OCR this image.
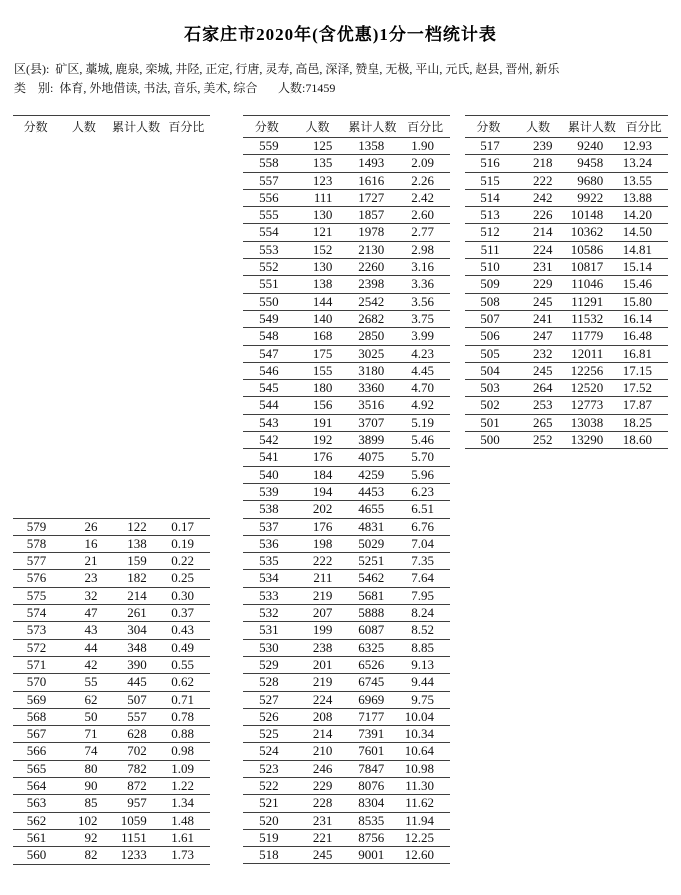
石家庄市2020年(含优惠)1分一档统计表
区(县): 矿区, 藁城, 鹿泉, 栾城, 井陉, 正定, 行唐, 灵寿, 高邑, 深泽, 赞皇, 无极, 平山, 元氏, 赵县, 晋州, 新乐
类　别: 体育, 外地借读, 书法, 音乐, 美术, 综合 人数:71459
分数	人数	累计人数 百分比
579	26	122	0.17
578	16	138	0.19
577	21	159	0.22
576	23	182	0.25
575	32	214	0.30
574	47	261	0.37
573	43	304	0.43
572	44	348	0.49
571	42	390	0.55
570	55	445	0.62
569	62	507	0.71
568	50	557	0.78
567	71	628	0.88
566	74	702	0.98
565	80	782	1.09
564	90	872	1.22
563	85	957	1.34
562	102	1059	1.48
561	92	1151	1.61
560	82	1233	1.73
分数	人数	累计人数 百分比
559	125	1358	1.90
558	135	1493	2.09
557	123	1616	2.26
556	111	1727	2.42
555	130	1857	2.60
554	121	1978	2.77
553	152	2130	2.98
552	130	2260	3.16
551	138	2398	3.36
550	144	2542	3.56
549	140	2682	3.75
548	168	2850	3.99
547	175	3025	4.23
546	155	3180	4.45
545	180	3360	4.70
544	156	3516	4.92
543	191	3707	5.19
542	192	3899	5.46
541	176	4075	5.70
540	184	4259	5.96
539	194	4453	6.23
538	202	4655	6.51
537	176	4831	6.76
536	198	5029	7.04
535	222	5251	7.35
534	211	5462	7.64
533	219	5681	7.95
532	207	5888	8.24
531	199	6087	8.52
530	238	6325	8.85
529	201	6526	9.13
528	219	6745	9.44
527	224	6969	9.75
526	208	7177	10.04
525	214	7391	10.34
524	210	7601	10.64
523	246	7847	10.98
522	229	8076	11.30
521	228	8304	11.62
520	231	8535	11.94
519	221	8756	12.25
518	245	9001	12.60
分数	人数	累计人数 百分比
517	239	9240	12.93
516	218	9458	13.24
515	222	9680	13.55
514	242	9922	13.88
513	226	10148	14.20
512	214	10362	14.50
511	224	10586	14.81
510	231	10817	15.14
509	229	11046	15.46
508	245	11291	15.80
507	241	11532	16.14
506	247	11779	16.48
505	232	12011	16.81
504	245	12256	17.15
503	264	12520	17.52
502	253	12773	17.87
501	265	13038	18.25
500	252	13290	18.60
